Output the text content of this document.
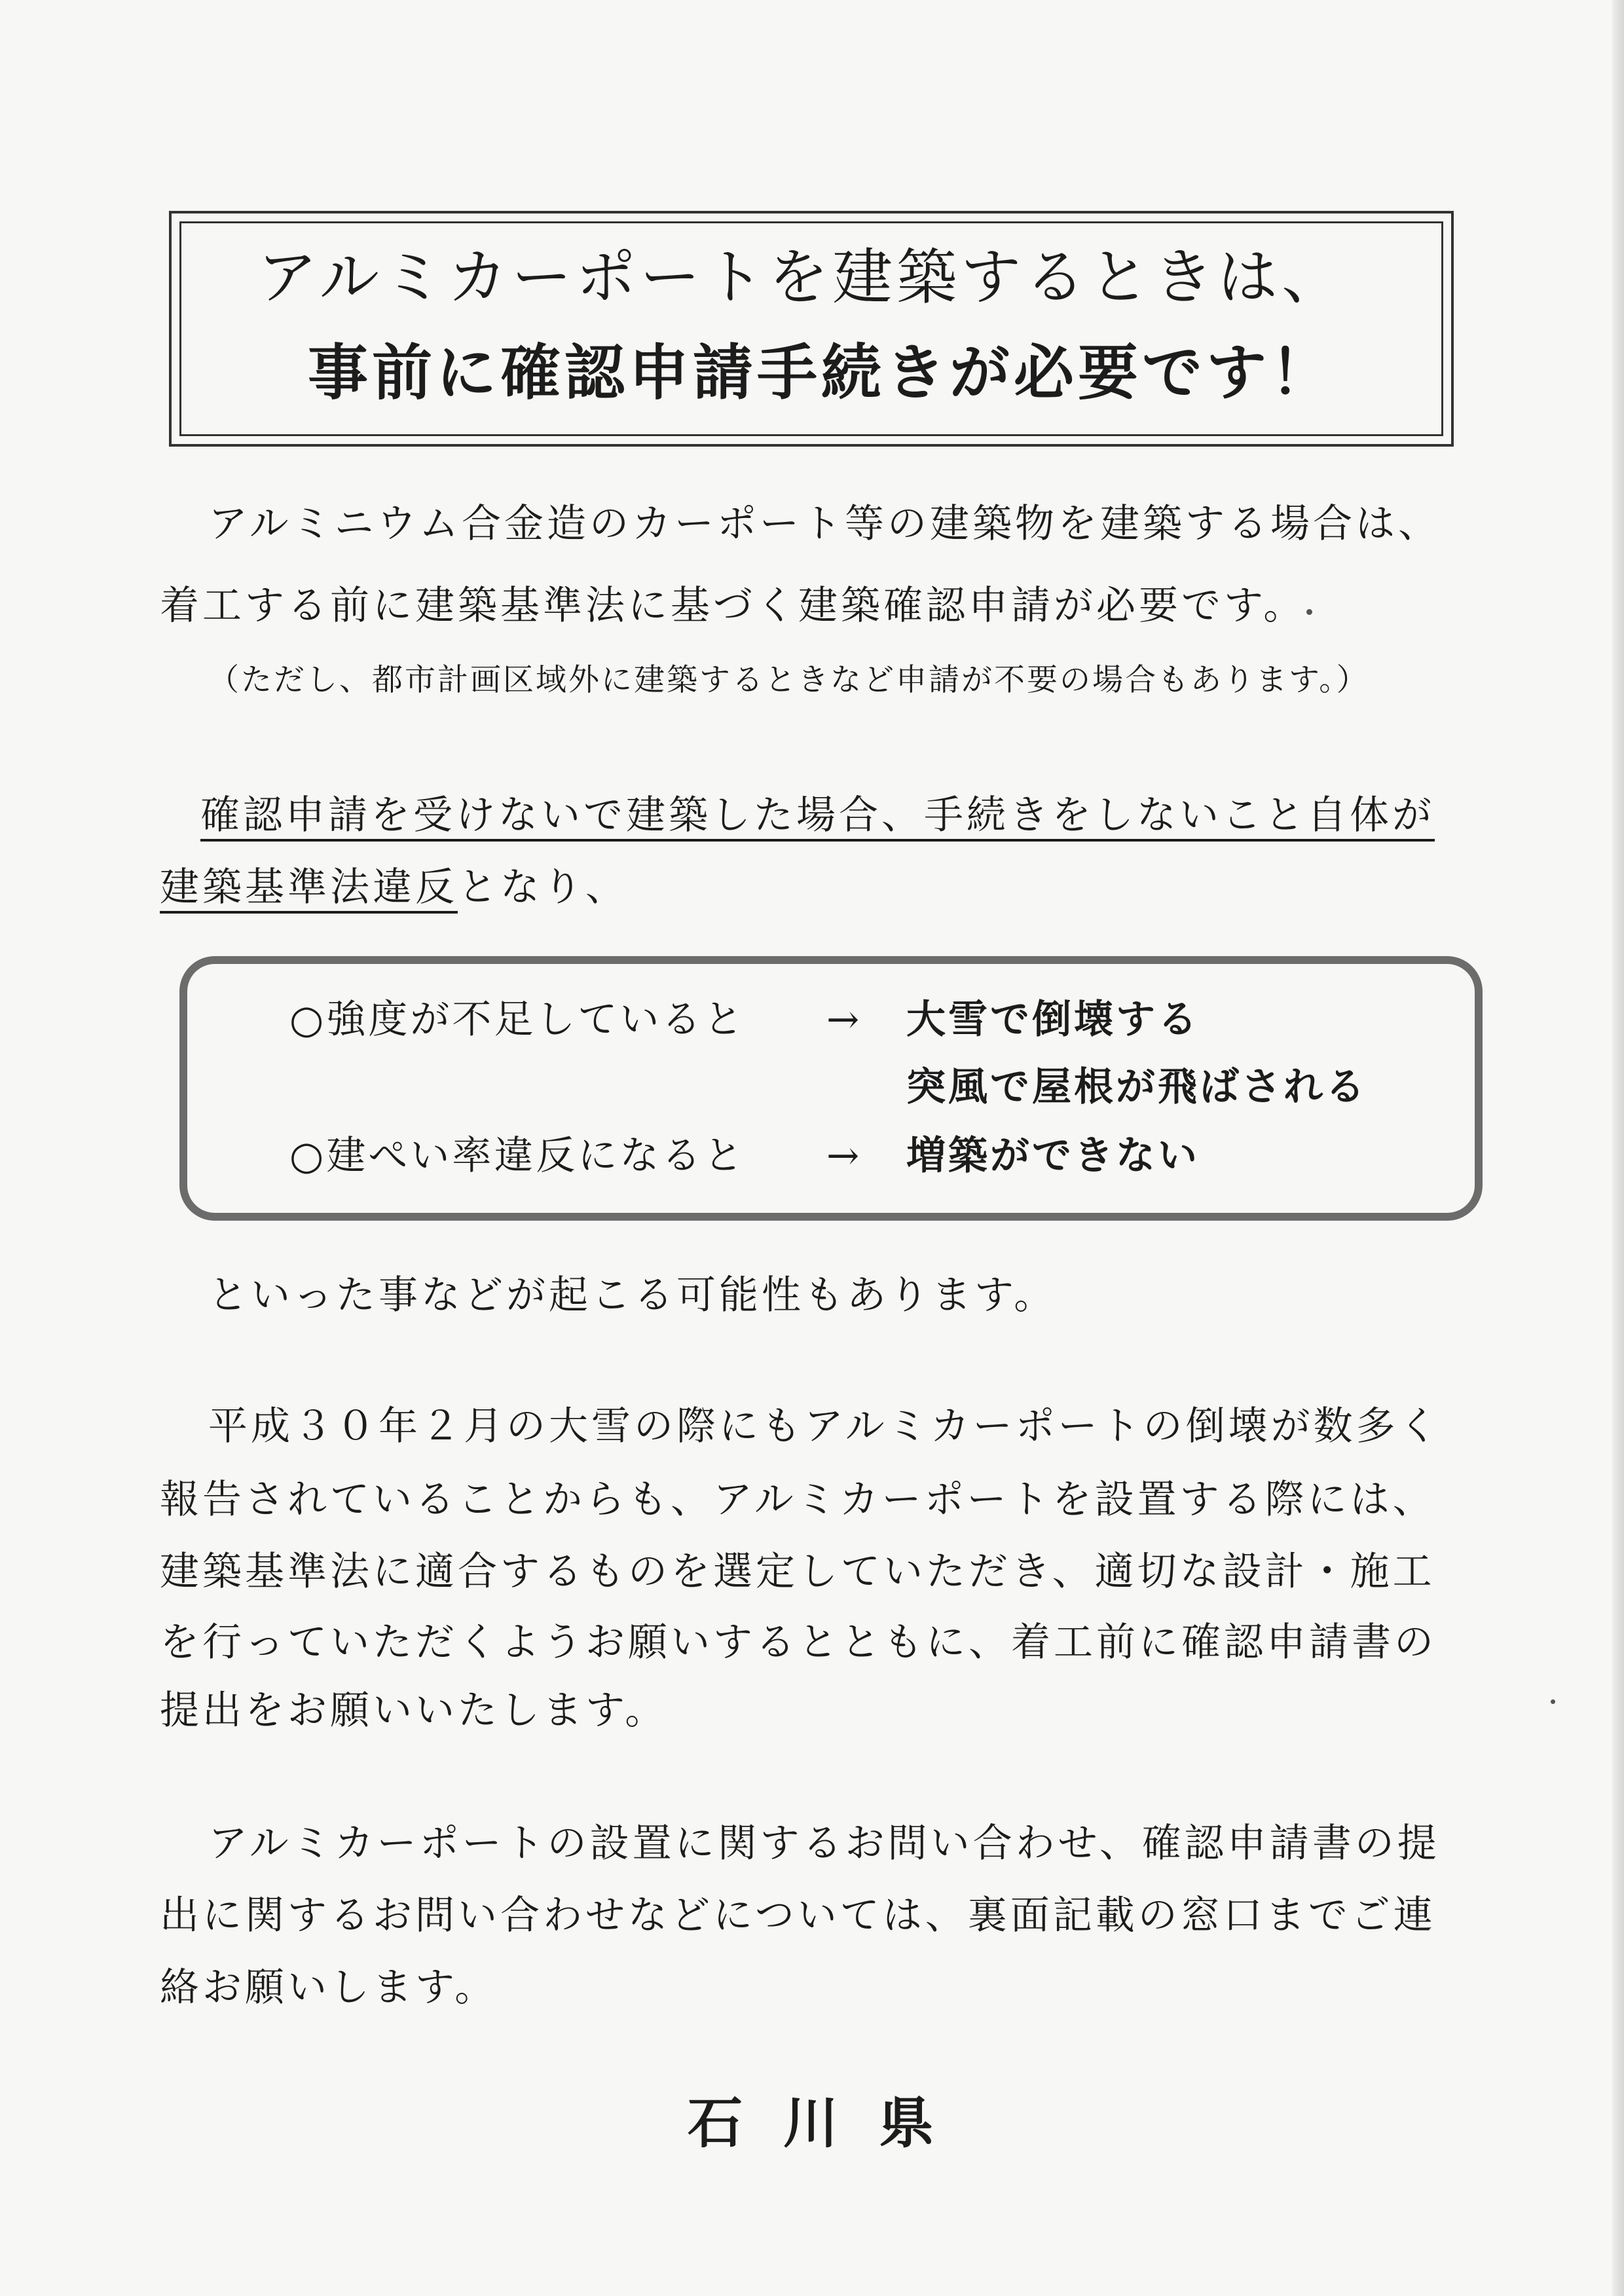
アルミカーポートを建築するときは、
事前に確認申請手続きが必要です！
アルミニウム合金造のカーポート等の建築物を建築する場合は、
着工する前に建築基準法に基づく建築確認申請が必要です。
（ただし、都市計画区域外に建築するときなど申請が不要の場合もあります。）
確認申請を受けないで建築した場合、手続きをしないこと自体が
建築基準法違反となり、
○強度が不足していると → 大雪で倒壊する
突風で屋根が飛ばされる
○建ぺい率違反になると → 増築ができない
といった事などが起こる可能性もあります。
平成３０年２月の大雪の際にもアルミカーポートの倒壊が数多く
報告されていることからも、アルミカーポートを設置する際には、
建築基準法に適合するものを選定していただき、適切な設計・施工
を行っていただくようお願いするとともに、着工前に確認申請書の
提出をお願いいたします。
アルミカーポートの設置に関するお問い合わせ、確認申請書の提
出に関するお問い合わせなどについては、裏面記載の窓口までご連
絡お願いします。
石川県
